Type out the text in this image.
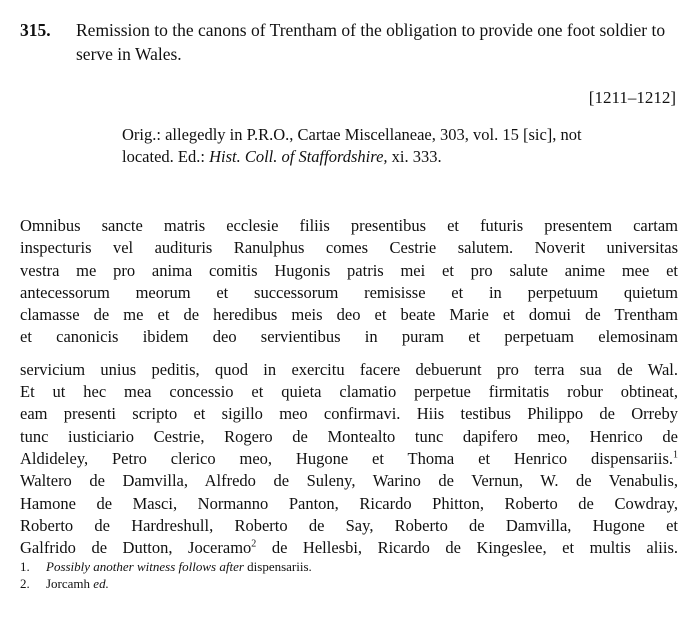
315. Remission to the canons of Trentham of the obligation to provide one foot soldier to serve in Wales.
[1211–1212]
Orig.: allegedly in P.R.O., Cartae Miscellaneae, 303, vol. 15 [sic], not located. Ed.: Hist. Coll. of Staffordshire, xi. 333.
Omnibus sancte matris ecclesie filiis presentibus et futuris presentem cartam
inspecturis vel audituris Ranulphus comes Cestrie salutem. Noverit universitas
vestra me pro anima comitis Hugonis patris mei et pro salute anime mee et
antecessorum meorum et successorum remisisse et in perpetuum quietum
clamasse de me et de heredibus meis deo et beate Marie et domui de Trentham
et canonicis ibidem deo servientibus in puram et perpetuam elemosinam
servicium unius peditis, quod in exercitu facere debuerunt pro terra sua de Wal.
Et ut hec mea concessio et quieta clamatio perpetue firmitatis robur obtineat,
eam presenti scripto et sigillo meo confirmavi. Hiis testibus Philippo de Orreby
tunc iusticiario Cestrie, Rogero de Montealto tunc dapifero meo, Henrico de
Aldideley, Petro clerico meo, Hugone et Thoma et Henrico dispensariis.$^1$
Waltero de Damvilla, Alfredo de Suleny, Warino de Vernun, W. de Venabulis,
Hamone de Masci, Normanno Panton, Ricardo Phitton, Roberto de Cowdray,
Roberto de Hardreshull, Roberto de Say, Roberto de Damvilla, Hugone et
Galfrido de Dutton, Joceramo$^2$ de Hellesbi, Ricardo de Kingeslee, et multis aliis.
1. Possibly another witness follows after dispensariis.
2. Jorcamh ed.
